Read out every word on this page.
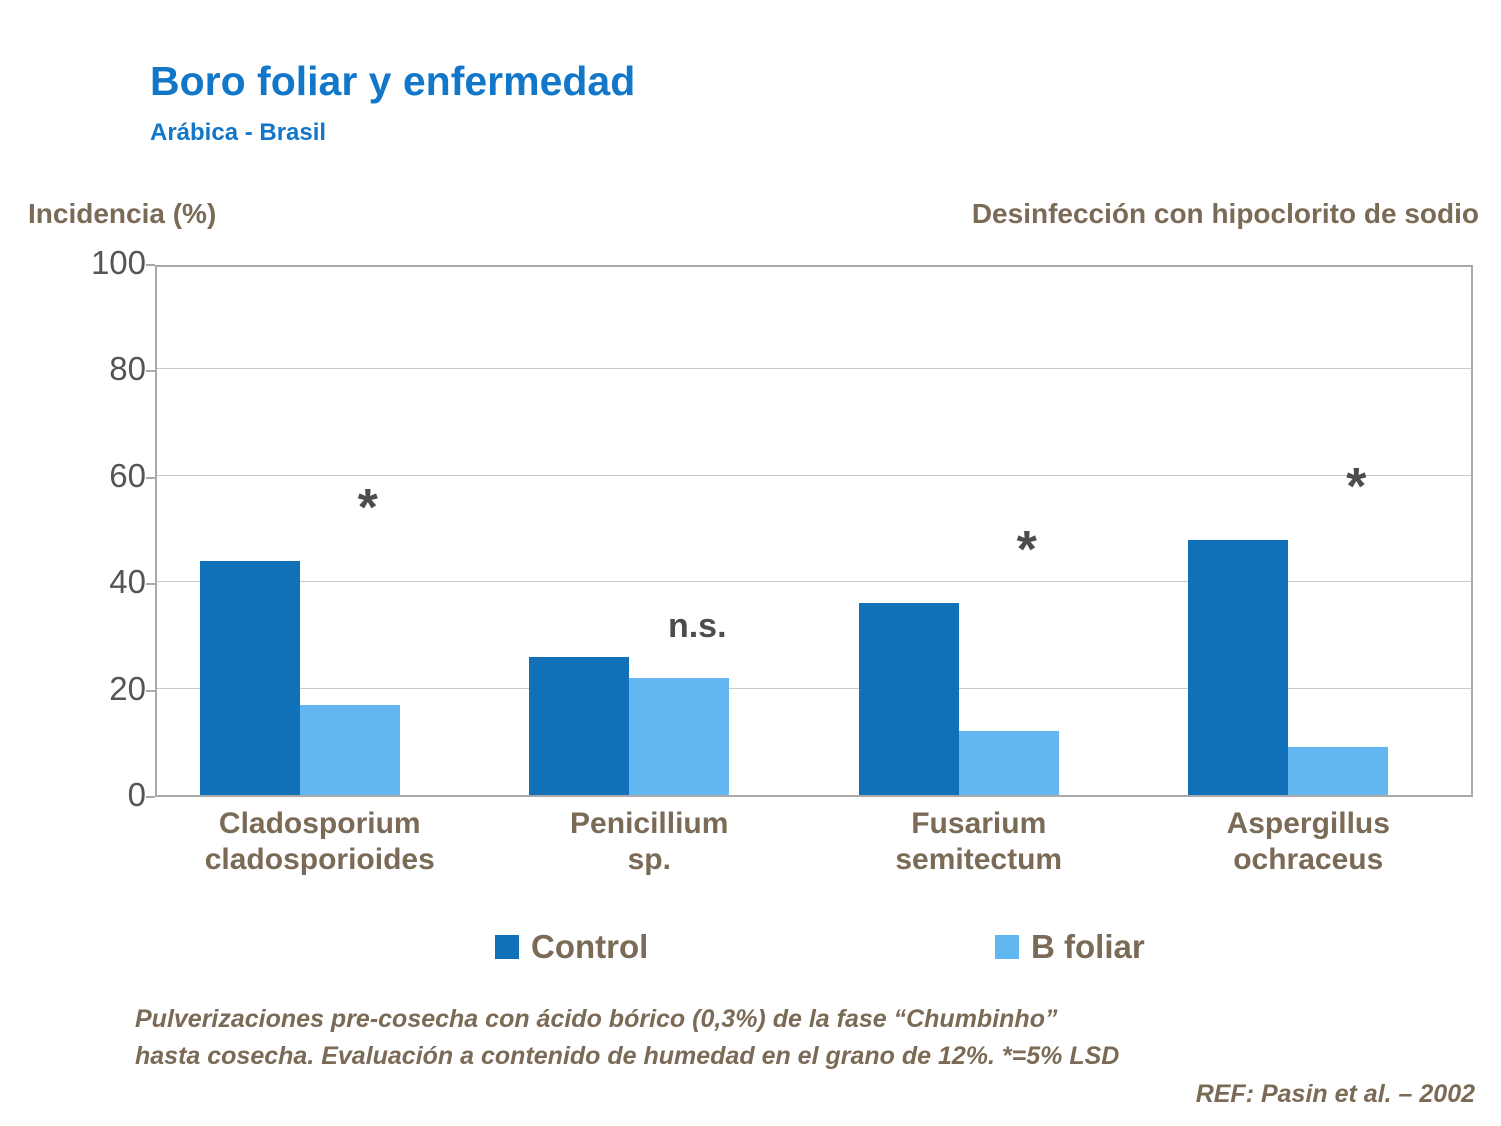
Boro foliar y enfermedad
Arábica - Brasil
Incidencia (%)	Desinfección con hipoclorito de sodio
0
20
40
60
80
100
Cladosporium
cladosporioides
Penicillium
sp.
Fusarium
semitectum
Aspergillus
ochraceus
*
n.s.
*
*
Control	B foliar
Pulverizaciones pre-cosecha con ácido bórico (0,3%) de la fase “Chumbinho”
hasta cosecha. Evaluación a contenido de humedad en el grano de 12%. *=5% LSD
REF: Pasin et al. – 2002
